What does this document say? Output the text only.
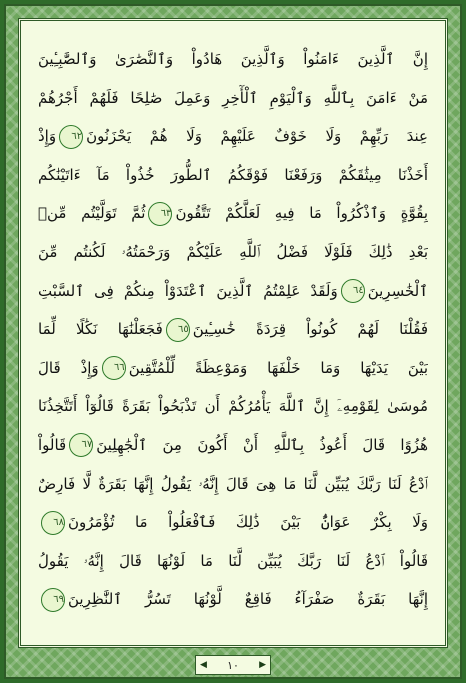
إِنَّ ٱلَّذِينَ ءَامَنُواْ وَٱلَّذِينَ هَادُواْ وَٱلنَّصَٰرَىٰ وَٱلصَّٰبِـِٔينَ
مَنْ ءَامَنَ بِٱللَّهِ وَٱلْيَوْمِ ٱلْأٓخِرِ وَعَمِلَ صَٰلِحًا فَلَهُمْ أَجْرُهُمْ
عِندَ رَبِّهِمْ وَلَا خَوْفٌ عَلَيْهِمْ وَلَا هُمْ يَحْزَنُونَ٦٢وَإِذْ
أَخَذْنَا مِيثَٰقَكُمْ وَرَفَعْنَا فَوْقَكُمُ ٱلطُّورَ خُذُواْ مَآ ءَاتَيْنَٰكُم
بِقُوَّةٍ وَٱذْكُرُواْ مَا فِيهِ لَعَلَّكُمْ تَتَّقُونَ٦٣ثُمَّ تَوَلَّيْتُم مِّنۢ
بَعْدِ ذَٰلِكَ فَلَوْلَا فَضْلُ ٱللَّهِ عَلَيْكُمْ وَرَحْمَتُهُۥ لَكُنتُم مِّنَ
ٱلْخَٰسِرِينَ٦٤وَلَقَدْ عَلِمْتُمُ ٱلَّذِينَ ٱعْتَدَوْاْ مِنكُمْ فِى ٱلسَّبْتِ
فَقُلْنَا لَهُمْ كُونُواْ قِرَدَةً خَٰسِـِٔينَ٦٥فَجَعَلْنَٰهَا نَكَٰلًا لِّمَا
بَيْنَ يَدَيْهَا وَمَا خَلْفَهَا وَمَوْعِظَةً لِّلْمُتَّقِينَ٦٦وَإِذْ قَالَ
مُوسَىٰ لِقَوْمِهِۦٓ إِنَّ ٱللَّهَ يَأْمُرُكُمْ أَن تَذْبَحُواْ بَقَرَةً قَالُوٓاْ أَتَتَّخِذُنَا
هُزُوًا قَالَ أَعُوذُ بِٱللَّهِ أَنْ أَكُونَ مِنَ ٱلْجَٰهِلِينَ٦٧قَالُواْ
ٱدْعُ لَنَا رَبَّكَ يُبَيِّن لَّنَا مَا هِىَ قَالَ إِنَّهُۥ يَقُولُ إِنَّهَا بَقَرَةٌ لَّا فَارِضٌ
وَلَا بِكْرٌ عَوَانٌۢ بَيْنَ ذَٰلِكَ فَٱفْعَلُواْ مَا تُؤْمَرُونَ٦٨
قَالُواْ ٱدْعُ لَنَا رَبَّكَ يُبَيِّن لَّنَا مَا لَوْنُهَا قَالَ إِنَّهُۥ يَقُولُ
إِنَّهَا بَقَرَةٌ صَفْرَآءُ فَاقِعٌ لَّوْنُهَا تَسُرُّ ٱلنَّٰظِرِينَ٦٩
◀ ١٠ ▶
